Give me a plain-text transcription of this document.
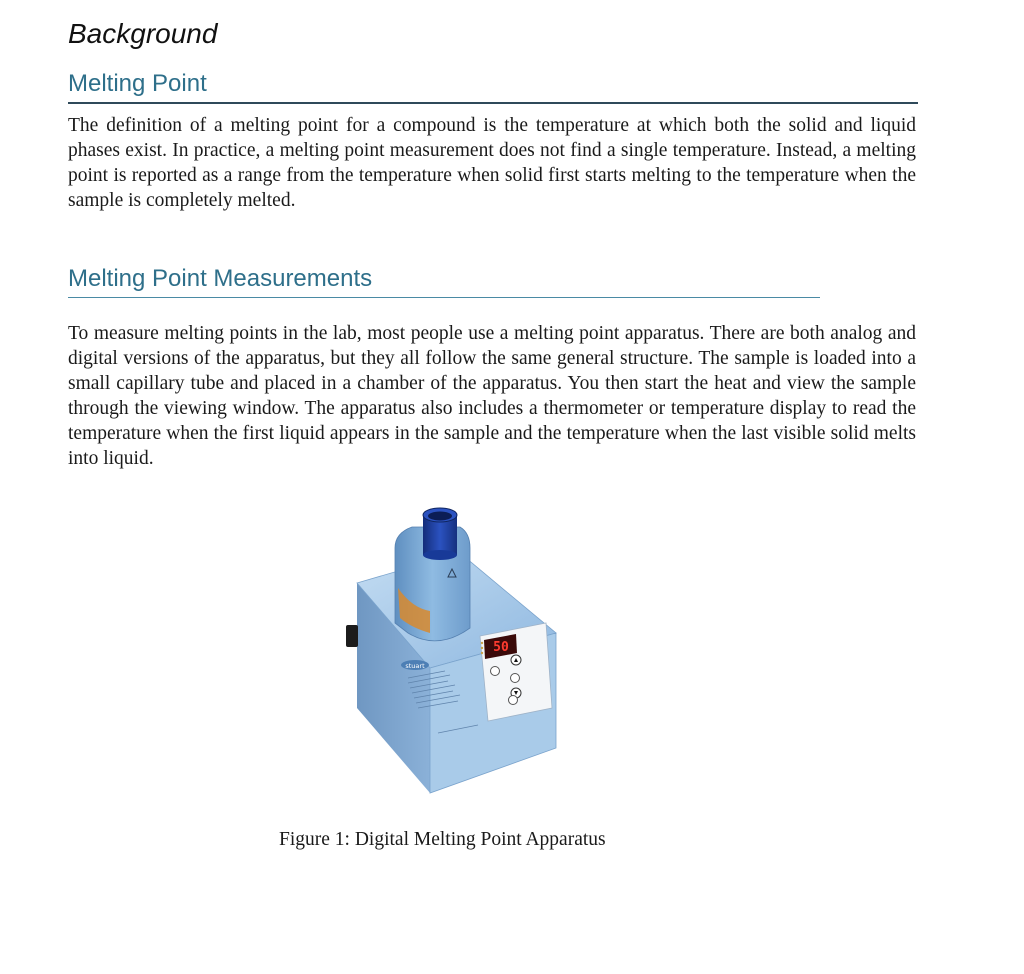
Background
Melting Point

The definition of a melting point for a compound is the temperature at which both the solid and liquid phases exist. In practice, a melting point measurement does not find a single temperature. Instead, a melting point is reported as a range from the temperature when solid first starts melting to the temperature when the sample is completely melted.

Melting Point Measurements

To measure melting points in the lab, most people use a melting point apparatus. There are both analog and digital versions of the apparatus, but they all follow the same general structure. The sample is loaded into a small capillary tube and placed in a chamber of the apparatus. You then start the heat and view the sample through the viewing window. The apparatus also includes a thermometer or temperature display to read the temperature when the first liquid appears in the sample and the temperature when the last visible solid melts into liquid.

50
stuart

Figure 1: Digital Melting Point Apparatus
